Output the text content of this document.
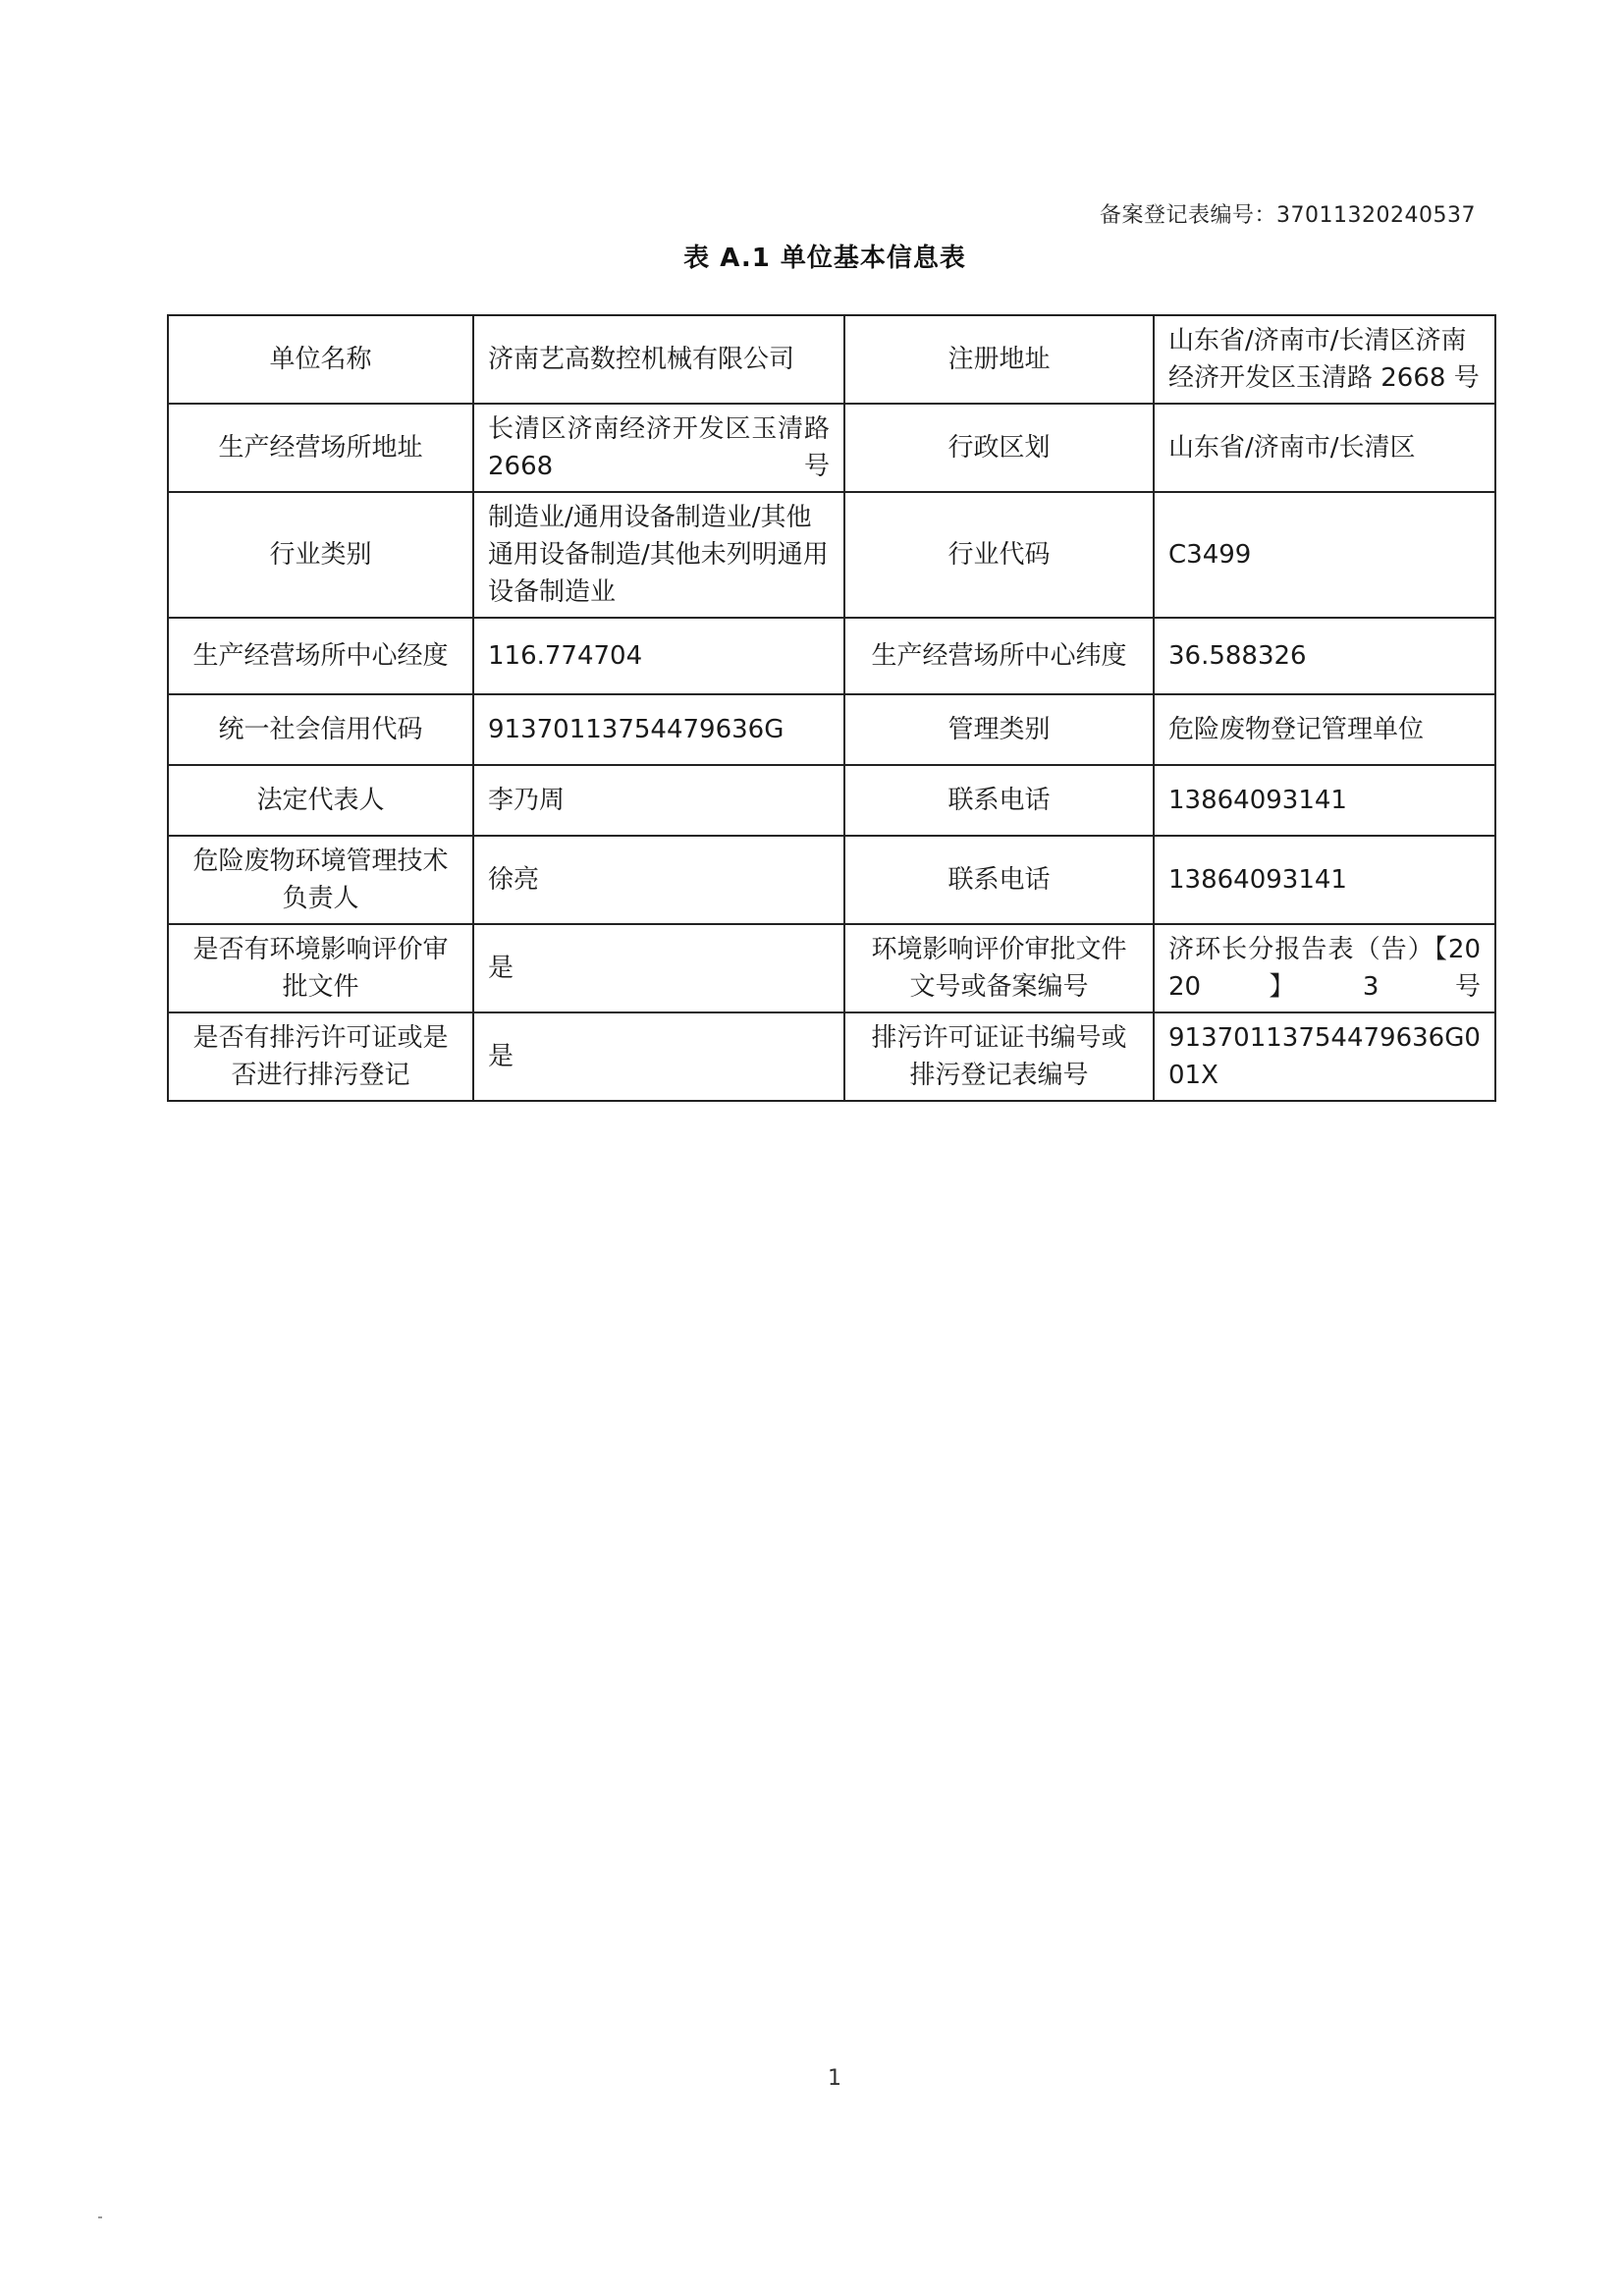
备案登记表编号：37011320240537
表 A.1 单位基本信息表
单位名称	济南艺高数控机械有限公司	注册地址	山东省/济南市/长清区济南经济开发区玉清路 2668 号
生产经营场所地址	长清区济南经济开发区玉清路 2668 号	行政区划	山东省/济南市/长清区
行业类别	制造业/通用设备制造业/其他通用设备制造/其他未列明通用设备制造业	行业代码	C3499
生产经营场所中心经度	116.774704	生产经营场所中心纬度	36.588326
统一社会信用代码	91370113754479636G	管理类别	危险废物登记管理单位
法定代表人	李乃周	联系电话	13864093141
危险废物环境管理技术负责人	徐亮	联系电话	13864093141
是否有环境影响评价审批文件	是	环境影响评价审批文件文号或备案编号	济环长分报告表（告）【2020】3 号
是否有排污许可证或是否进行排污登记	是	排污许可证证书编号或排污登记表编号	91370113754479636G001X
1
